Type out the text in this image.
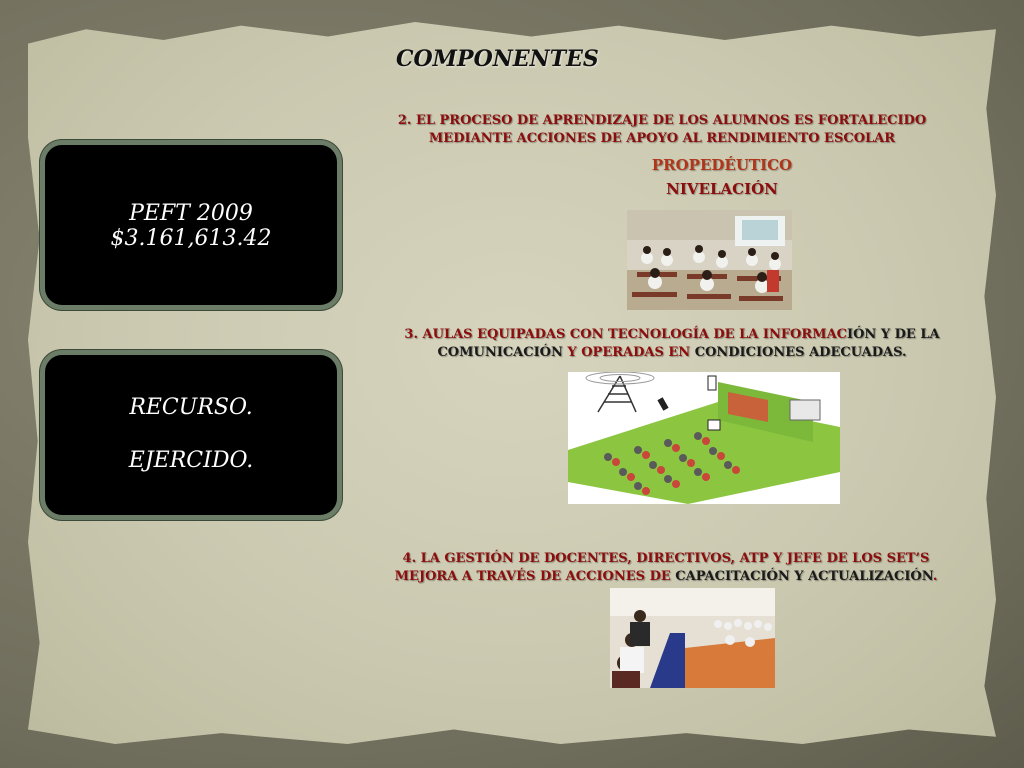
COMPONENTES
PEFT 2009
$3.161,613.42
RECURSO.
EJERCIDO.
2. EL PROCESO DE APRENDIZAJE DE LOS ALUMNOS ES FORTALECIDO MEDIANTE ACCIONES DE APOYO AL RENDIMIENTO ESCOLAR
PROPEDÉUTICO
NIVELACIÓN
3. AULAS EQUIPADAS CON TECNOLOGÍA DE LA INFORMACIÓN Y DE LA COMUNICACIÓN Y OPERADAS EN CONDICIONES ADECUADAS.
4. LA GESTIÓN DE DOCENTES, DIRECTIVOS, ATP Y JEFE DE LOS SET’S MEJORA A TRAVÉS DE ACCIONES DE CAPACITACIÓN Y ACTUALIZACIÓN.
